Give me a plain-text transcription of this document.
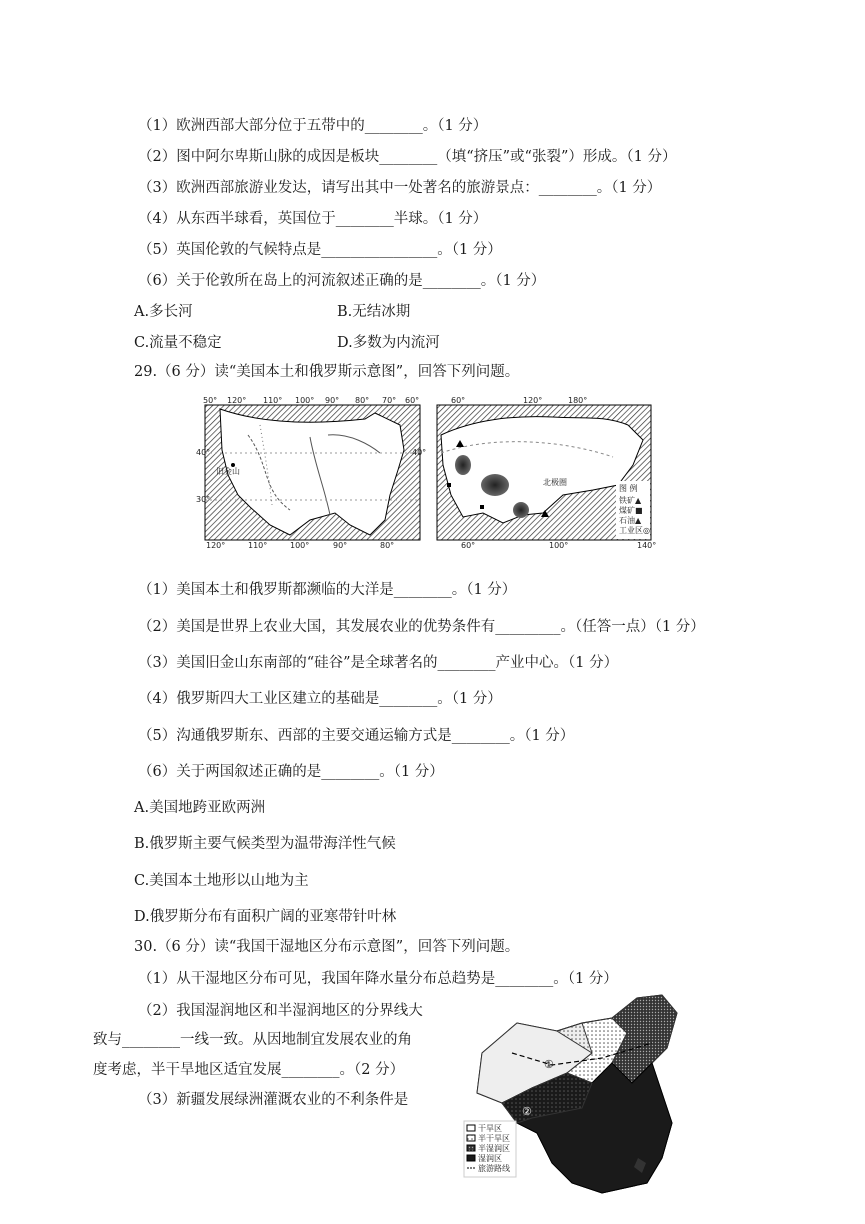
（1）欧洲西部大部分位于五带中的________。（1 分）
（2）图中阿尔卑斯山脉的成因是板块________（填“挤压”或“张裂”）形成。（1 分）
（3）欧洲西部旅游业发达，请写出其中一处著名的旅游景点：________。（1 分）
（4）从东西半球看，英国位于________半球。（1 分）
（5）英国伦敦的气候特点是________________。（1 分）
（6）关于伦敦所在岛上的河流叙述正确的是________。（1 分）
A.多长河	B.无结冰期
C.流量不稳定	D.多数为内流河
29.（6 分）读“美国本土和俄罗斯示意图”，回答下列问题。
50° 120° 110° 100° 90° 80° 70° 60°
120°	110°	100°	90°	80°
40°
30°
40°
旧金山
60°	120°	180°
60°	100°	140°
北极圈
图 例
铁矿▲
煤矿■
石油▲
工业区◎
（1）美国本土和俄罗斯都濒临的大洋是________。（1 分）
（2）美国是世界上农业大国，其发展农业的优势条件有_________。（任答一点）（1 分）
（3）美国旧金山东南部的“硅谷”是全球著名的________产业中心。（1 分）
（4）俄罗斯四大工业区建立的基础是________。（1 分）
（5）沟通俄罗斯东、西部的主要交通运输方式是________。（1 分）
（6）关于两国叙述正确的是________。（1 分）
A.美国地跨亚欧两洲
B.俄罗斯主要气候类型为温带海洋性气候
C.美国本土地形以山地为主
D.俄罗斯分布有面积广阔的亚寒带针叶林
30.（6 分）读“我国干湿地区分布示意图”，回答下列问题。
（1）从干湿地区分布可见，我国年降水量分布总趋势是________。（1 分）
（2）我国湿润地区和半湿润地区的分界线大
致与________一线一致。从因地制宜发展农业的角
度考虑，半干旱地区适宜发展________。（2 分）
（3）新疆发展绿洲灌溉农业的不利条件是
①
②
干旱区
半干旱区
半湿润区
湿润区
旅游路线
